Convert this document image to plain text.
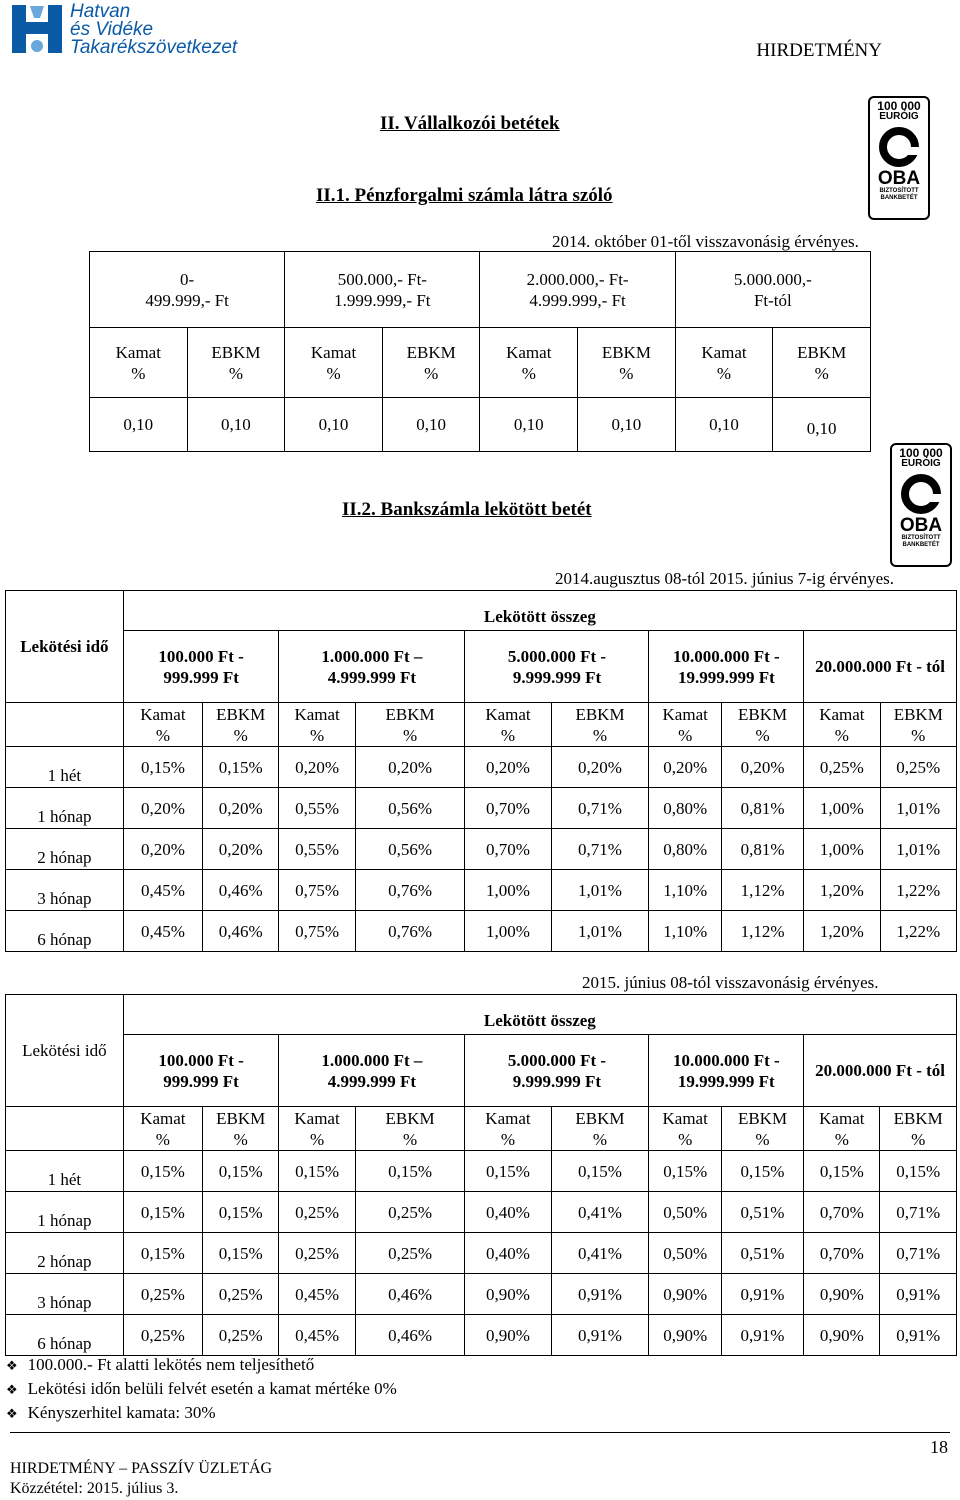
Hatvan
és Vidéke
Takarékszövetkezet	HIRDETMÉNY
100 000
EURÓIG
OBA
BIZTOSÍTOTT
BANKBETÉT
II. Vállalkozói betétek
II.1. Pénzforgalmi számla látra szóló
2014. október 01-től visszavonásig érvényes.
0-
499.999,- Ft		500.000,- Ft-
1.999.999,- Ft		2.000.000,- Ft-
4.999.999,- Ft		5.000.000,-
Ft-tól	
Kamat
%	EBKM
%	Kamat
%	EBKM
%	Kamat
%	EBKM
%	Kamat
%	EBKM
%
0,10	0,10	0,10	0,10	0,10	0,10	0,10	0,10
100 000
EURÓIG
OBA
BIZTOSÍTOTT
BANKBETÉT
II.2. Bankszámla lekötött betét
2014.augusztus 08-tól 2015. június 7-ig érvényes.
Lekötési idő	Lekötött összeg									
	100.000 Ft -
999.999 Ft		1.000.000 Ft –
4.999.999 Ft		5.000.000 Ft -
9.999.999 Ft		10.000.000 Ft -
19.999.999 Ft		20.000.000 Ft - tól	
	Kamat
%	EBKM
%	Kamat
%	EBKM
%	Kamat
%	EBKM
%	Kamat
%	EBKM
%	Kamat
%	EBKM
%
1 hét	0,15%	0,15%	0,20%	0,20%	0,20%	0,20%	0,20%	0,20%	0,25%	0,25%
1 hónap	0,20%	0,20%	0,55%	0,56%	0,70%	0,71%	0,80%	0,81%	1,00%	1,01%
2 hónap	0,20%	0,20%	0,55%	0,56%	0,70%	0,71%	0,80%	0,81%	1,00%	1,01%
3 hónap	0,45%	0,46%	0,75%	0,76%	1,00%	1,01%	1,10%	1,12%	1,20%	1,22%
6 hónap	0,45%	0,46%	0,75%	0,76%	1,00%	1,01%	1,10%	1,12%	1,20%	1,22%
2015. június 08-tól visszavonásig érvényes.
Lekötési idő	Lekötött összeg									
	100.000 Ft -
999.999 Ft		1.000.000 Ft –
4.999.999 Ft		5.000.000 Ft -
9.999.999 Ft		10.000.000 Ft -
19.999.999 Ft		20.000.000 Ft - tól	
	Kamat
%	EBKM
%	Kamat
%	EBKM
%	Kamat
%	EBKM
%	Kamat
%	EBKM
%	Kamat
%	EBKM
%
1 hét	0,15%	0,15%	0,15%	0,15%	0,15%	0,15%	0,15%	0,15%	0,15%	0,15%
1 hónap	0,15%	0,15%	0,25%	0,25%	0,40%	0,41%	0,50%	0,51%	0,70%	0,71%
2 hónap	0,15%	0,15%	0,25%	0,25%	0,40%	0,41%	0,50%	0,51%	0,70%	0,71%
3 hónap	0,25%	0,25%	0,45%	0,46%	0,90%	0,91%	0,90%	0,91%	0,90%	0,91%
6 hónap	0,25%	0,25%	0,45%	0,46%	0,90%	0,91%	0,90%	0,91%	0,90%	0,91%
❖ 100.000.- Ft alatti lekötés nem teljesíthető
❖ Lekötési időn belüli felvét esetén a kamat mértéke 0%
❖ Kényszerhitel kamata: 30%
18
HIRDETMÉNY – PASSZÍV ÜZLETÁG
Közzététel: 2015. július 3.
